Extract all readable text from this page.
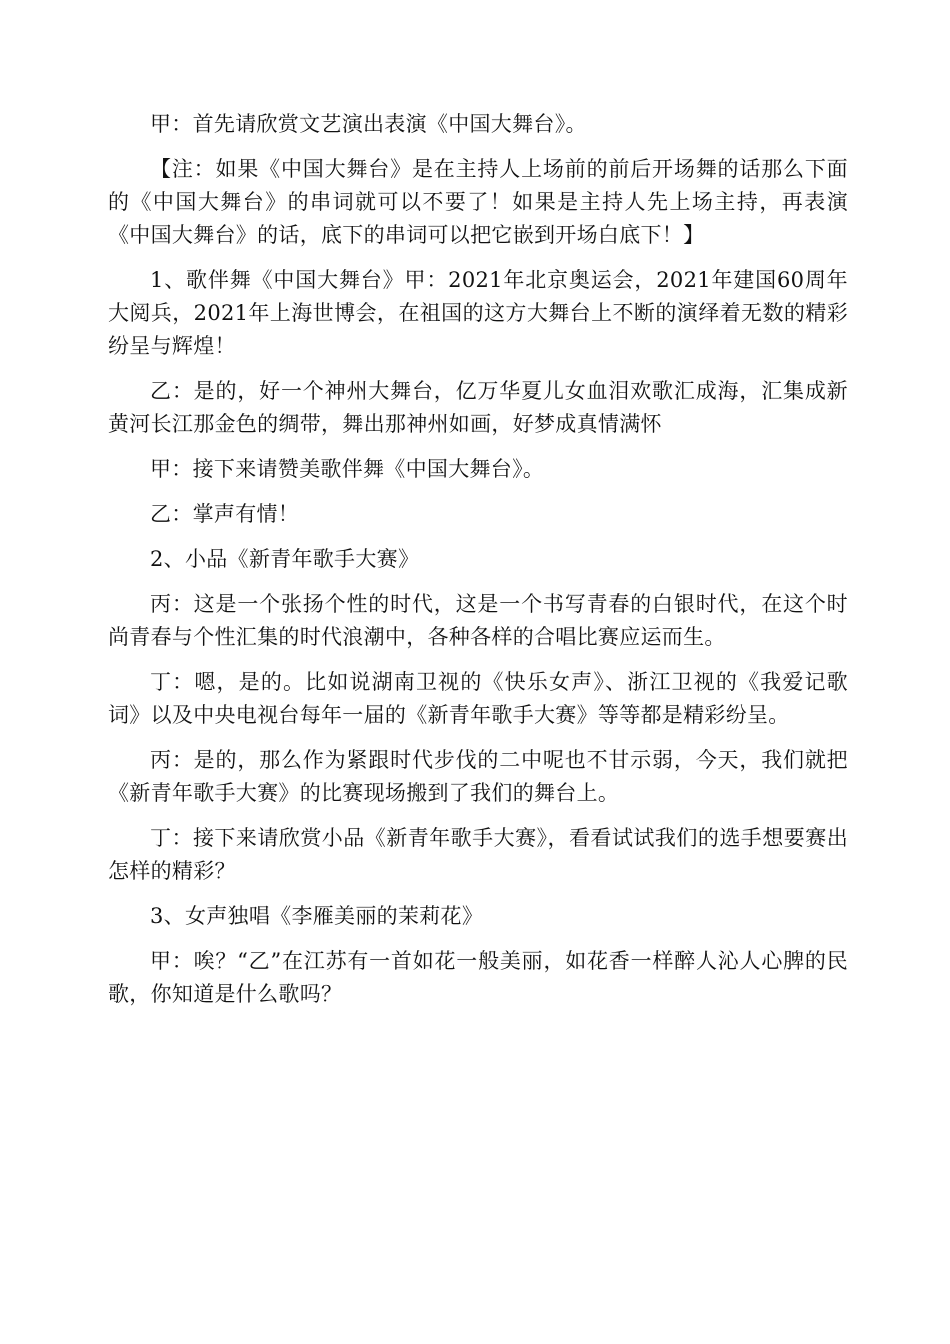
甲：首先请欣赏文艺演出表演《中国大舞台》。

【注：如果《中国大舞台》是在主持人上场前的前后开场舞的话那么下面的《中国大舞台》的串词就可以不要了！如果是主持人先上场主持，再表演《中国大舞台》的话，底下的串词可以把它嵌到开场白底下！】

1、歌伴舞《中国大舞台》甲：2021年北京奥运会，2021年建国60周年大阅兵，2021年上海世博会，在祖国的这方大舞台上不断的演绎着无数的精彩纷呈与辉煌！

乙：是的，好一个神州大舞台，亿万华夏儿女血泪欢歌汇成海，汇集成新黄河长江那金色的绸带，舞出那神州如画，好梦成真情满怀

甲：接下来请赞美歌伴舞《中国大舞台》。

乙：掌声有情！

2、小品《新青年歌手大赛》

丙：这是一个张扬个性的时代，这是一个书写青春的白银时代，在这个时尚青春与个性汇集的时代浪潮中，各种各样的合唱比赛应运而生。

丁：嗯，是的。比如说湖南卫视的《快乐女声》、浙江卫视的《我爱记歌词》以及中央电视台每年一届的《新青年歌手大赛》等等都是精彩纷呈。

丙：是的，那么作为紧跟时代步伐的二中呢也不甘示弱，今天，我们就把《新青年歌手大赛》的比赛现场搬到了我们的舞台上。

丁：接下来请欣赏小品《新青年歌手大赛》，看看试试我们的选手想要赛出怎样的精彩？

3、女声独唱《李雁美丽的茉莉花》

甲：唉？“乙”在江苏有一首如花一般美丽，如花香一样醉人沁人心脾的民歌，你知道是什么歌吗？
